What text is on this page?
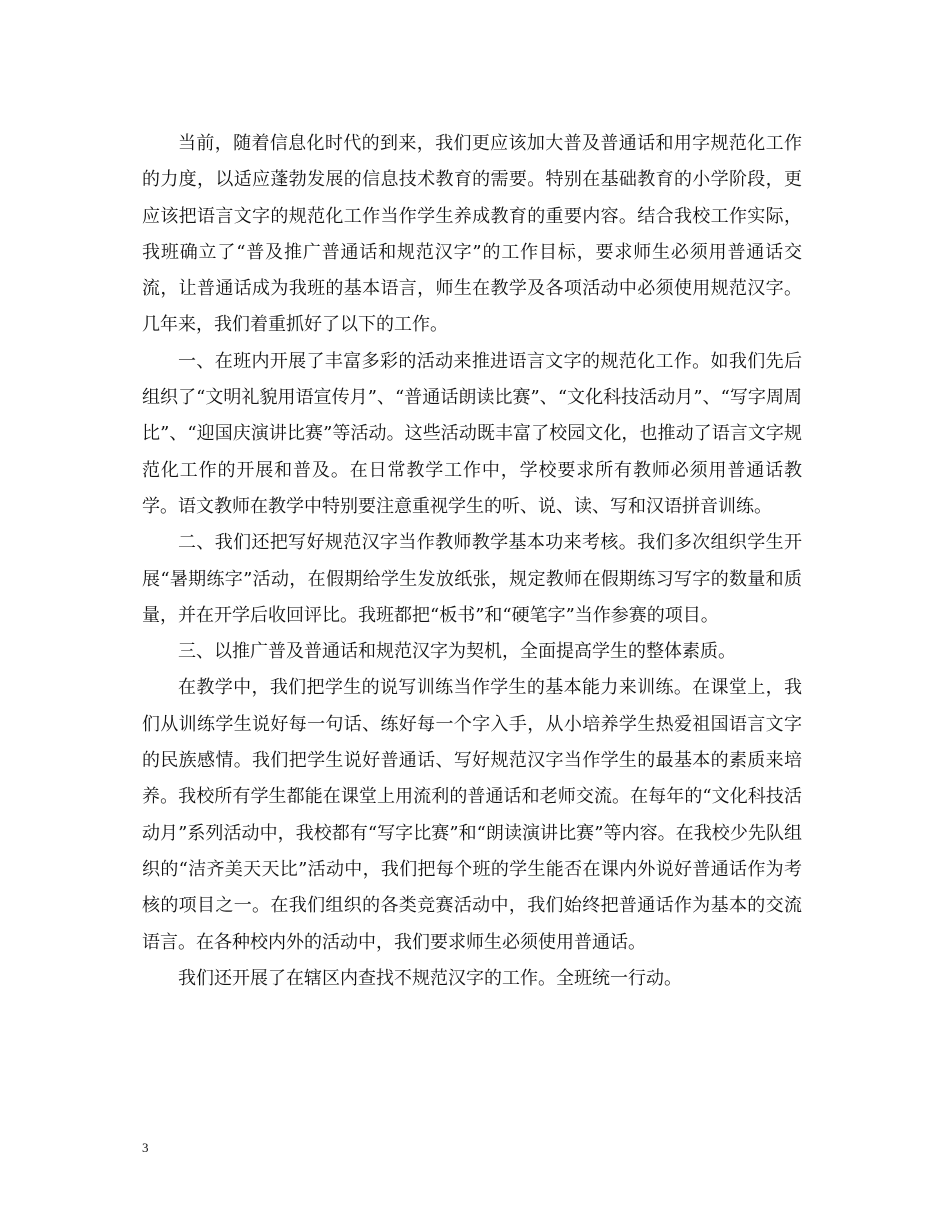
当前，随着信息化时代的到来，我们更应该加大普及普通话和用字规范化工作的力度，以适应蓬勃发展的信息技术教育的需要。特别在基础教育的小学阶段，更应该把语言文字的规范化工作当作学生养成教育的重要内容。结合我校工作实际，我班确立了“普及推广普通话和规范汉字”的工作目标，要求师生必须用普通话交流，让普通话成为我班的基本语言，师生在教学及各项活动中必须使用规范汉字。几年来，我们着重抓好了以下的工作。

一、在班内开展了丰富多彩的活动来推进语言文字的规范化工作。如我们先后组织了“文明礼貌用语宣传月”、“普通话朗读比赛”、“文化科技活动月”、“写字周周比”、“迎国庆演讲比赛”等活动。这些活动既丰富了校园文化，也推动了语言文字规范化工作的开展和普及。在日常教学工作中，学校要求所有教师必须用普通话教学。语文教师在教学中特别要注意重视学生的听、说、读、写和汉语拼音训练。

二、我们还把写好规范汉字当作教师教学基本功来考核。我们多次组织学生开展“暑期练字”活动，在假期给学生发放纸张，规定教师在假期练习写字的数量和质量，并在开学后收回评比。我班都把“板书”和“硬笔字”当作参赛的项目。

三、以推广普及普通话和规范汉字为契机，全面提高学生的整体素质。

在教学中，我们把学生的说写训练当作学生的基本能力来训练。在课堂上，我们从训练学生说好每一句话、练好每一个字入手，从小培养学生热爱祖国语言文字的民族感情。我们把学生说好普通话、写好规范汉字当作学生的最基本的素质来培养。我校所有学生都能在课堂上用流利的普通话和老师交流。在每年的“文化科技活动月”系列活动中，我校都有“写字比赛”和“朗读演讲比赛”等内容。在我校少先队组织的“洁齐美天天比”活动中，我们把每个班的学生能否在课内外说好普通话作为考核的项目之一。在我们组织的各类竞赛活动中，我们始终把普通话作为基本的交流语言。在各种校内外的活动中，我们要求师生必须使用普通话。

我们还开展了在辖区内查找不规范汉字的工作。全班统一行动。

3
